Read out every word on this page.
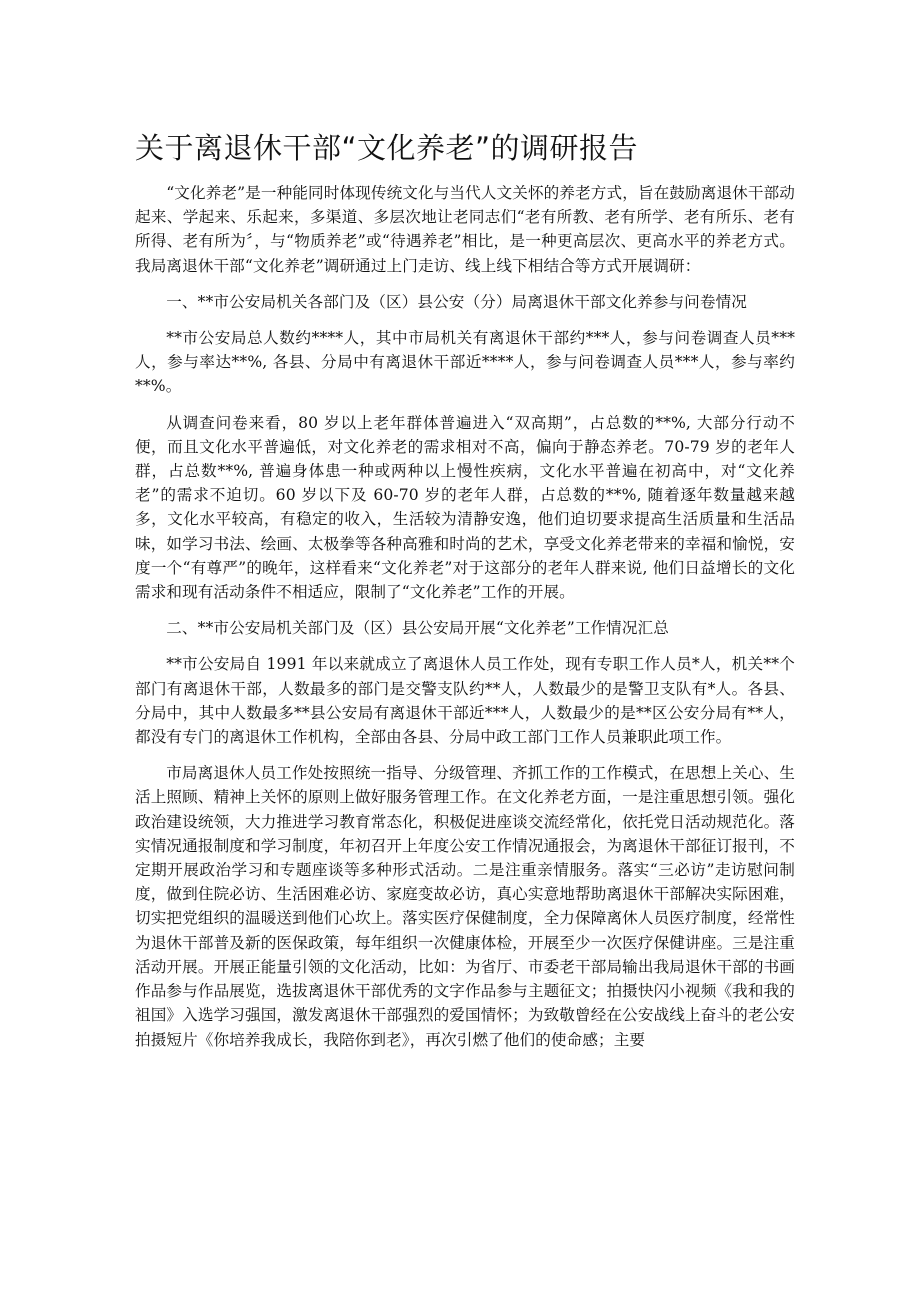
关于离退休干部“文化养老”的调研报告

“文化养老”是一种能同时体现传统文化与当代人文关怀的养老方式，旨在鼓励离退休干部动起来、学起来、乐起来，多渠道、多层次地让老同志们“老有所教、老有所学、老有所乐、老有所得、老有所为〞，与“物质养老”或“待遇养老”相比，是一种更高层次、更高水平的养老方式。我局离退休干部“文化养老”调研通过上门走访、线上线下相结合等方式开展调研：

一、**市公安局机关各部门及（区）县公安（分）局离退休干部文化养参与问卷情况

**市公安局总人数约****人，其中市局机关有离退休干部约***人，参与问卷调查人员***人，参与率达**%, 各县、分局中有离退休干部近****人，参与问卷调查人员***人，参与率约**%。

从调查问卷来看，80 岁以上老年群体普遍进入“双高期”，占总数的**%, 大部分行动不便，而且文化水平普遍低，对文化养老的需求相对不高，偏向于静态养老。70-79 岁的老年人群，占总数**%, 普遍身体患一种或两种以上慢性疾病，文化水平普遍在初高中，对“文化养老”的需求不迫切。60 岁以下及 60-70 岁的老年人群，占总数的**%, 随着逐年数量越来越多，文化水平较高，有稳定的收入，生活较为清静安逸，他们迫切要求提高生活质量和生活品味，如学习书法、绘画、太极拳等各种高雅和时尚的艺术，享受文化养老带来的幸福和愉悦，安度一个“有尊严”的晚年，这样看来“文化养老”对于这部分的老年人群来说, 他们日益增长的文化需求和现有活动条件不相适应，限制了“文化养老”工作的开展。

二、**市公安局机关部门及（区）县公安局开展“文化养老”工作情况汇总

**市公安局自 1991 年以来就成立了离退休人员工作处，现有专职工作人员*人，机关**个部门有离退休干部，人数最多的部门是交警支队约**人，人数最少的是警卫支队有*人。各县、分局中，其中人数最多**县公安局有离退休干部近***人，人数最少的是**区公安分局有**人，都没有专门的离退休工作机构，全部由各县、分局中政工部门工作人员兼职此项工作。

市局离退休人员工作处按照统一指导、分级管理、齐抓工作的工作模式，在思想上关心、生活上照顾、精神上关怀的原则上做好服务管理工作。在文化养老方面，一是注重思想引领。强化政治建设统领，大力推进学习教育常态化，积极促进座谈交流经常化，依托党日活动规范化。落实情况通报制度和学习制度，年初召开上年度公安工作情况通报会，为离退休干部征订报刊，不定期开展政治学习和专题座谈等多种形式活动。二是注重亲情服务。落实“三必访”走访慰问制度，做到住院必访、生活困难必访、家庭变故必访，真心实意地帮助离退休干部解决实际困难，切实把党组织的温暖送到他们心坎上。落实医疗保健制度，全力保障离休人员医疗制度，经常性为退休干部普及新的医保政策，每年组织一次健康体检，开展至少一次医疗保健讲座。三是注重活动开展。开展正能量引领的文化活动，比如：为省厅、市委老干部局输出我局退休干部的书画作品参与作品展览，选拔离退休干部优秀的文字作品参与主题征文；拍摄快闪小视频《我和我的祖国》入选学习强国，激发离退休干部强烈的爱国情怀；为致敬曾经在公安战线上奋斗的老公安拍摄短片《你培养我成长，我陪你到老》，再次引燃了他们的使命感；主要
